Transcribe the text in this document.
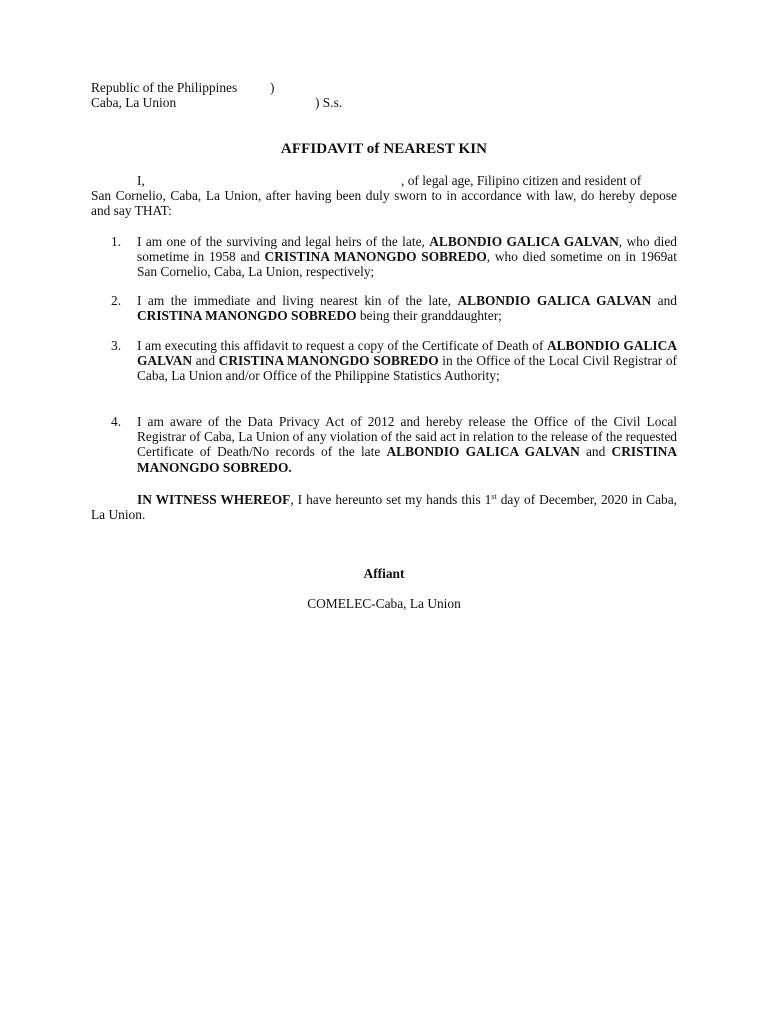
Republic of the Philippines )
Caba, La Union	) S.s.
AFFIDAVIT of NEAREST KIN
I,	, of legal age, Filipino citizen and resident of
San Cornelio, Caba, La Union, after having been duly sworn to in accordance with law, do hereby depose and say THAT:
1. I am one of the surviving and legal heirs of the late, ALBONDIO GALICA GALVAN, who died sometime in 1958 and CRISTINA MANONGDO SOBREDO, who died sometime on in 1969at San Cornelio, Caba, La Union, respectively;
2. I am the immediate and living nearest kin of the late, ALBONDIO GALICA GALVAN and CRISTINA MANONGDO SOBREDO being their granddaughter;
3. I am executing this affidavit to request a copy of the Certificate of Death of ALBONDIO GALICA GALVAN and CRISTINA MANONGDO SOBREDO in the Office of the Local Civil Registrar of Caba, La Union and/or Office of the Philippine Statistics Authority;
4. I am aware of the Data Privacy Act of 2012 and hereby release the Office of the Civil Local Registrar of Caba, La Union of any violation of the said act in relation to the release of the requested Certificate of Death/No records of the late ALBONDIO GALICA GALVAN and CRISTINA MANONGDO SOBREDO.
IN WITNESS WHEREOF, I have hereunto set my hands this 1st day of December, 2020 in Caba, La Union.
Affiant
COMELEC-Caba, La Union
